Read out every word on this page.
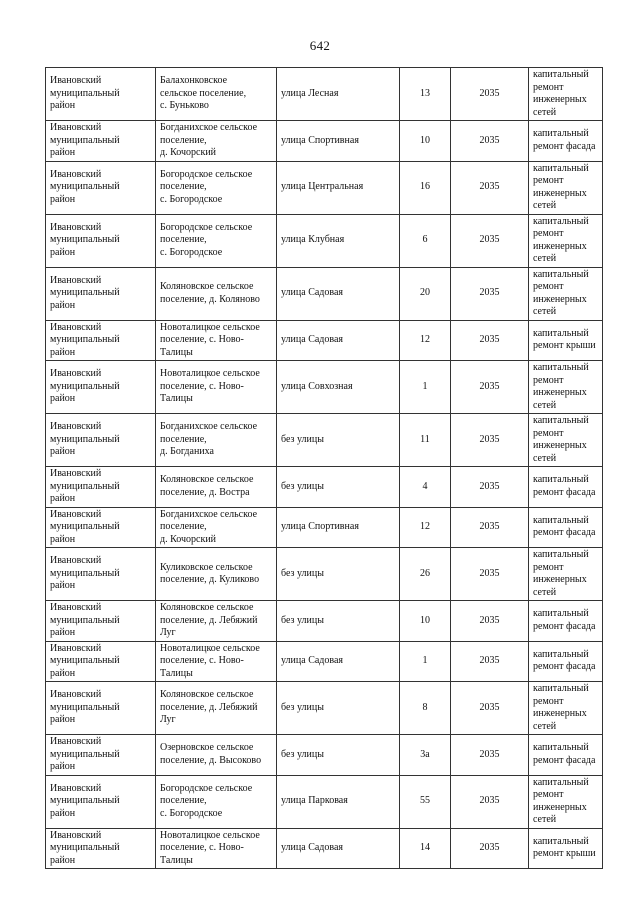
642
Ивановский
муниципальный
район	Балахонковское
сельское поселение,
с. Буньково	улица Лесная	13	2035	капитальный
ремонт
инженерных
сетей

Ивановский
муниципальный
район	Богданихское сельское
поселение,
д. Кочорский	улица Спортивная	10	2035	капитальный
ремонт фасада

Ивановский
муниципальный
район	Богородское сельское
поселение,
с. Богородское	улица Центральная	16	2035	капитальный
ремонт
инженерных
сетей

Ивановский
муниципальный
район	Богородское сельское
поселение,
с. Богородское	улица Клубная	6	2035	капитальный
ремонт
инженерных
сетей

Ивановский
муниципальный
район	Коляновское сельское
поселение, д. Коляново	улица Садовая	20	2035	капитальный
ремонт
инженерных
сетей

Ивановский
муниципальный
район	Новоталицкое сельское
поселение, с. Ново-
Талицы	улица Садовая	12	2035	капитальный
ремонт крыши

Ивановский
муниципальный
район	Новоталицкое сельское
поселение, с. Ново-
Талицы	улица Совхозная	1	2035	капитальный
ремонт
инженерных
сетей

Ивановский
муниципальный
район	Богданихское сельское
поселение,
д. Богданиха	без улицы	11	2035	капитальный
ремонт
инженерных
сетей

Ивановский
муниципальный
район	Коляновское сельское
поселение, д. Востра	без улицы	4	2035	капитальный
ремонт фасада

Ивановский
муниципальный
район	Богданихское сельское
поселение,
д. Кочорский	улица Спортивная	12	2035	капитальный
ремонт фасада

Ивановский
муниципальный
район	Куликовское сельское
поселение, д. Куликово	без улицы	26	2035	капитальный
ремонт
инженерных
сетей

Ивановский
муниципальный
район	Коляновское сельское
поселение, д. Лебяжий
Луг	без улицы	10	2035	капитальный
ремонт фасада

Ивановский
муниципальный
район	Новоталицкое сельское
поселение, с. Ново-
Талицы	улица Садовая	1	2035	капитальный
ремонт фасада

Ивановский
муниципальный
район	Коляновское сельское
поселение, д. Лебяжий
Луг	без улицы	8	2035	капитальный
ремонт
инженерных
сетей

Ивановский
муниципальный
район	Озерновское сельское
поселение, д. Высоково	без улицы	3а	2035	капитальный
ремонт фасада

Ивановский
муниципальный
район	Богородское сельское
поселение,
с. Богородское	улица Парковая	55	2035	капитальный
ремонт
инженерных
сетей

Ивановский
муниципальный
район	Новоталицкое сельское
поселение, с. Ново-
Талицы	улица Садовая	14	2035	капитальный
ремонт крыши
